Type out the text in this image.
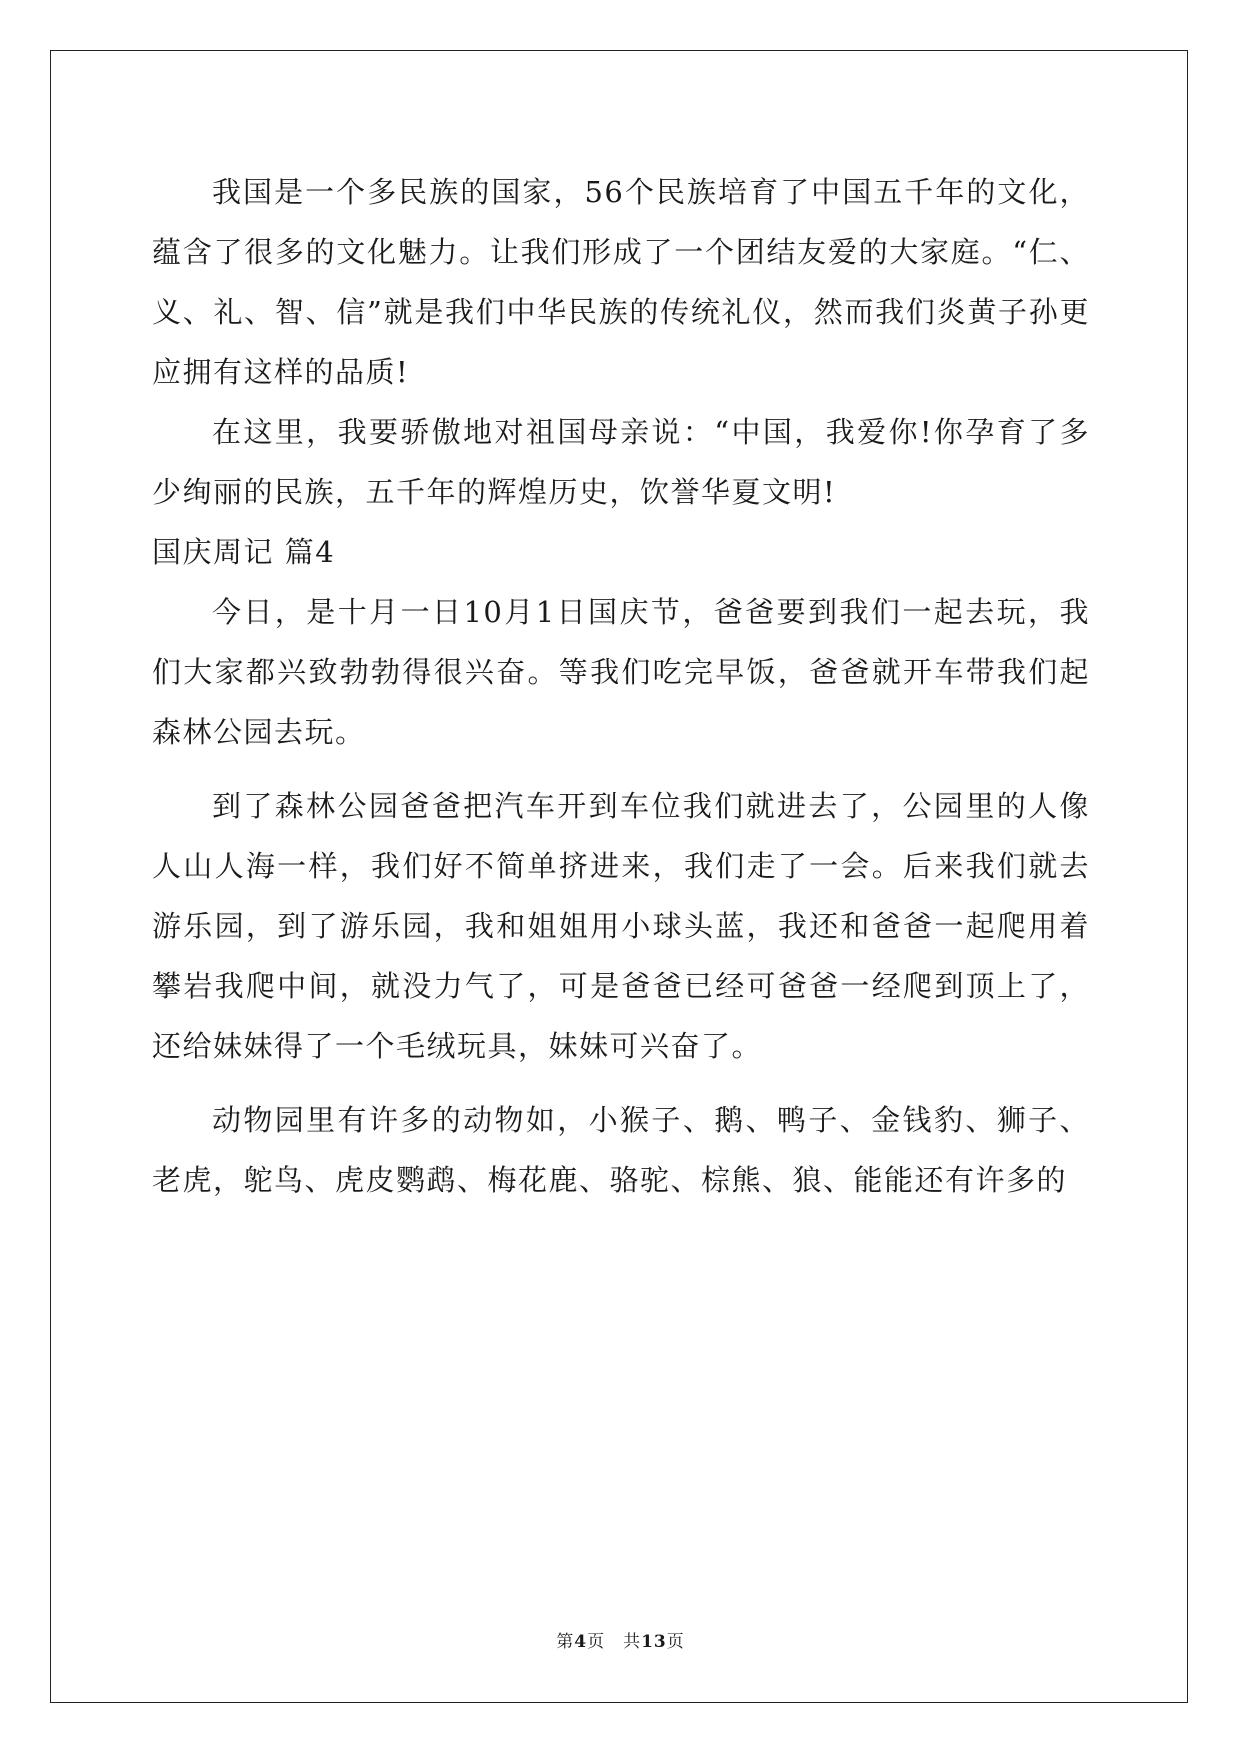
我国是一个多民族的国家，56个民族培育了中国五千年的文化，蕴含了很多的文化魅力。让我们形成了一个团结友爱的大家庭。“仁、义、礼、智、信”就是我们中华民族的传统礼仪，然而我们炎黄子孙更应拥有这样的品质!

在这里，我要骄傲地对祖国母亲说：“中国，我爱你!你孕育了多少绚丽的民族，五千年的辉煌历史，饮誉华夏文明!

国庆周记 篇4

今日，是十月一日10月1日国庆节，爸爸要到我们一起去玩，我们大家都兴致勃勃得很兴奋。等我们吃完早饭，爸爸就开车带我们起森林公园去玩。

到了森林公园爸爸把汽车开到车位我们就进去了，公园里的人像人山人海一样，我们好不简单挤进来，我们走了一会。后来我们就去游乐园，到了游乐园，我和姐姐用小球头蓝，我还和爸爸一起爬用着攀岩我爬中间，就没力气了，可是爸爸已经可爸爸一经爬到顶上了，还给妹妹得了一个毛绒玩具，妹妹可兴奋了。

动物园里有许多的动物如，小猴子、鹅、鸭子、金钱豹、狮子、老虎，鸵鸟、虎皮鹦鹉、梅花鹿、骆驼、棕熊、狼、能能还有许多的

第4页 共13页
